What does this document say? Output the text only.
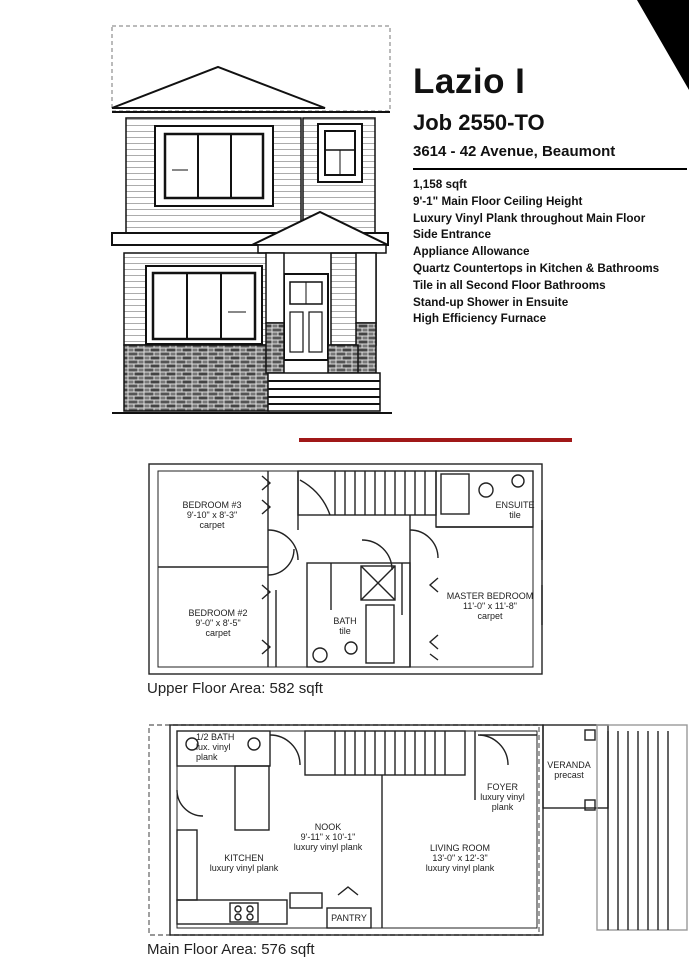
Lazio I
Job 2550-TO
3614 - 42 Avenue, Beaumont
1,158 sqft
9'-1" Main Floor Ceiling Height
Luxury Vinyl Plank throughout Main Floor
Side Entrance
Appliance Allowance
Quartz Countertops in Kitchen & Bathrooms
Tile in all Second Floor Bathrooms
Stand-up Shower in Ensuite
High Efficiency Furnace
BEDROOM #3
9'-10" x 8'-3"
carpet
BEDROOM #2
9'-0" x 8'-5"
carpet
ENSUITE
tile
BATH
tile
MASTER BEDROOM
11'-0" x 11'-8"
carpet
Upper Floor Area: 582 sqft
1/2 BATH
lux. vinyl
plank
NOOK
9'-11" x 10'-1"
luxury vinyl plank
KITCHEN
luxury vinyl plank
LIVING ROOM
13'-0" x 12'-3"
luxury vinyl plank
FOYER
luxury vinyl
plank
VERANDA
precast
PANTRY
Main Floor Area: 576 sqft
